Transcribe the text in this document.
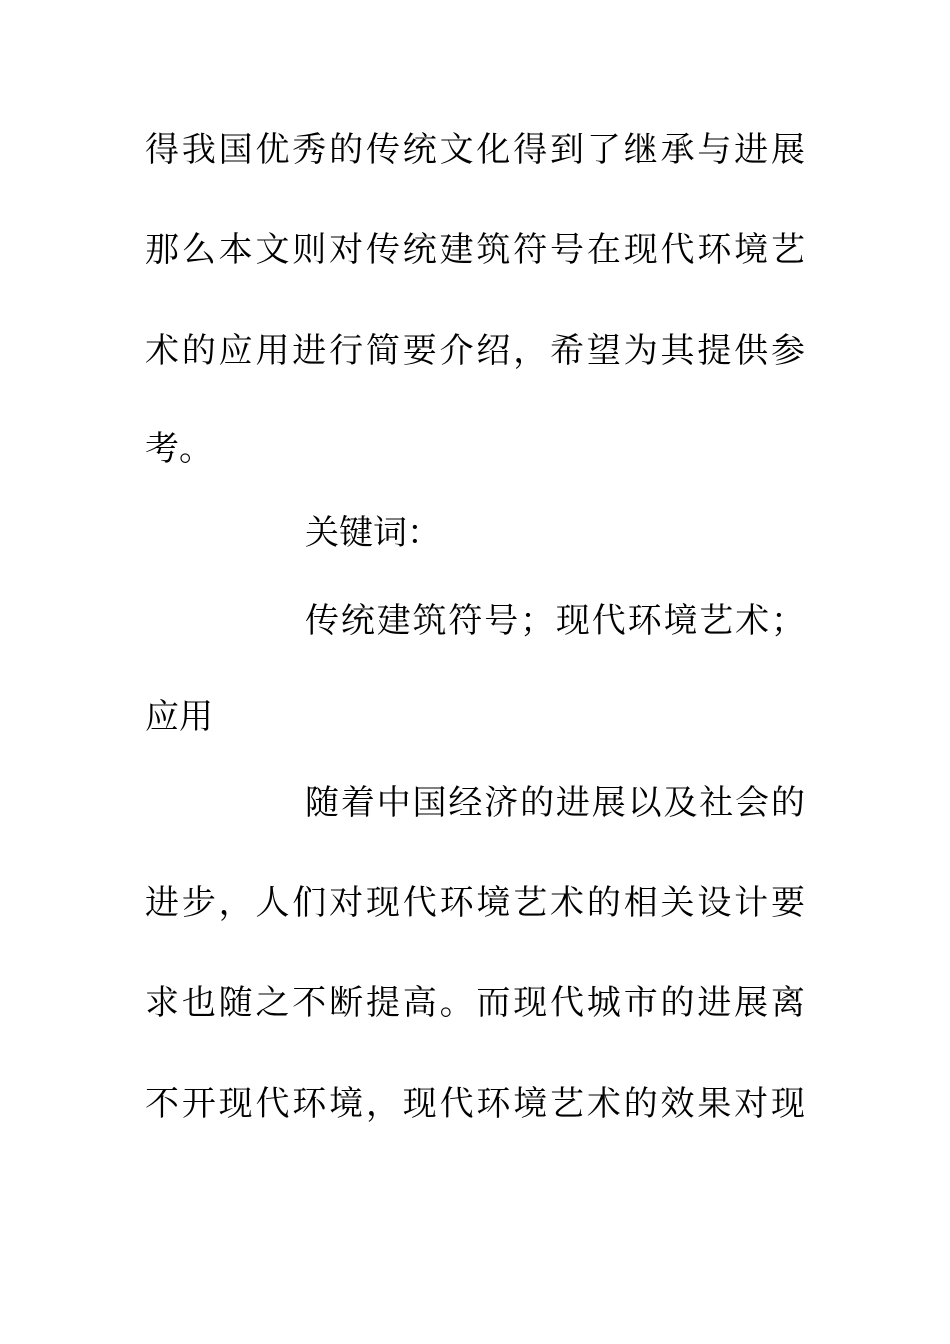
得我国优秀的传统文化得到了继承与进展
那么本文则对传统建筑符号在现代环境艺
术的应用进行简要介绍，希望为其提供参
考。
关键词：
传统建筑符号；现代环境艺术；
应用
随着中国经济的进展以及社会的
进步，人们对现代环境艺术的相关设计要
求也随之不断提高。而现代城市的进展离
不开现代环境，现代环境艺术的效果对现
